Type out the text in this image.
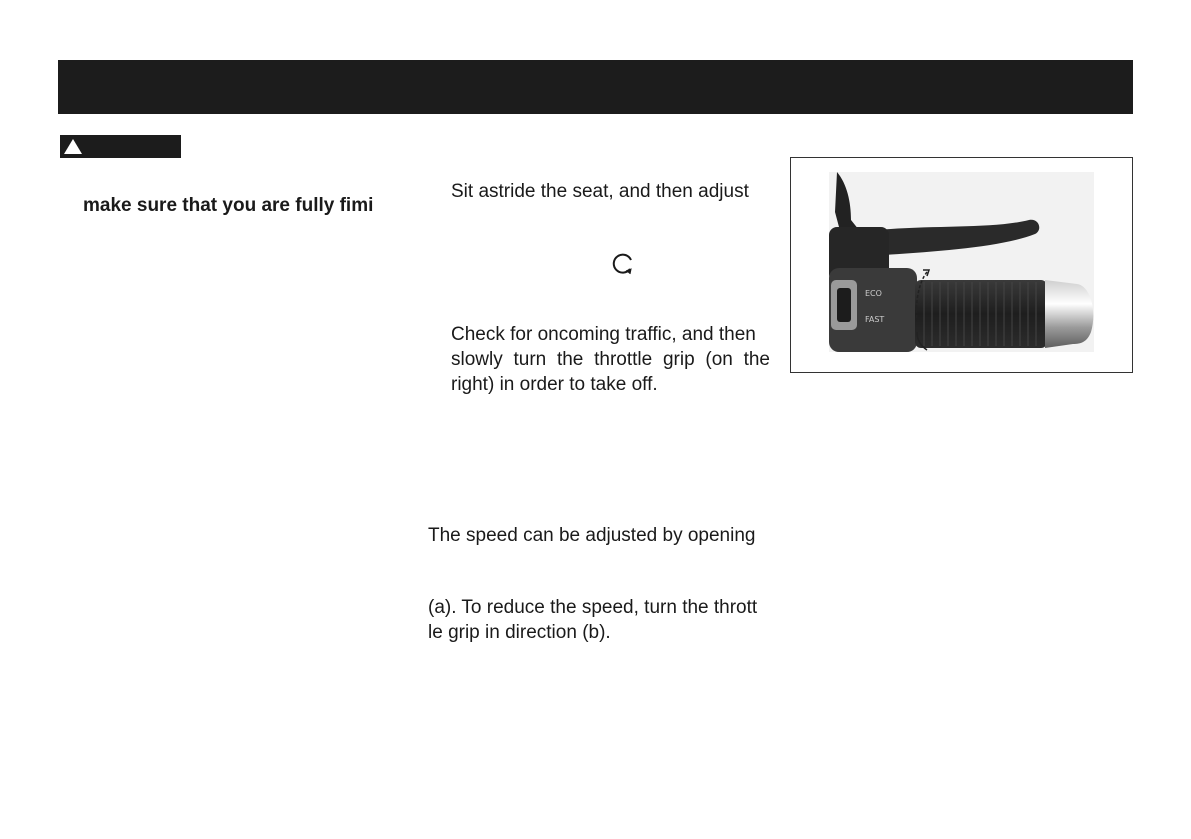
make sure that you are fully fimi
Sit astride the seat, and then adjust
Check for oncoming traffic, and then
slowly turn the throttle grip (on the
right) in order to take off.
The speed can be adjusted by opening
(a). To reduce the speed, turn the thrott
le grip in direction (b).
ECO
FAST
